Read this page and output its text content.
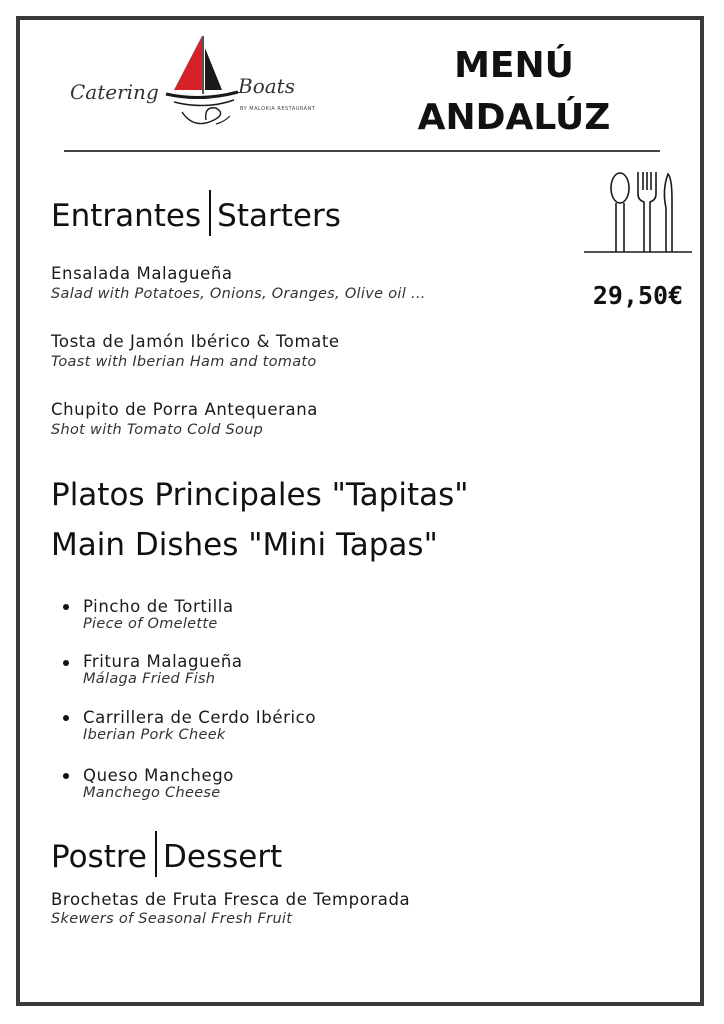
Catering	Boats
BY MALOKIA RESTAURANT
MENÚ
ANDALÚZ
29,50€
Entrantes Starters
Ensalada Malagueña
Salad with Potatoes, Onions, Oranges, Olive oil ...
Tosta de Jamón Ibérico & Tomate
Toast with Iberian Ham and tomato
Chupito de Porra Antequerana
Shot with Tomato Cold Soup
Platos Principales "Tapitas"
Main Dishes "Mini Tapas"
Pincho de Tortilla
Piece of Omelette
Fritura Malagueña
Málaga Fried Fish
Carrillera de Cerdo Ibérico
Iberian Pork Cheek
Queso Manchego
Manchego Cheese
Postre Dessert
Brochetas de Fruta Fresca de Temporada
Skewers of Seasonal Fresh Fruit
